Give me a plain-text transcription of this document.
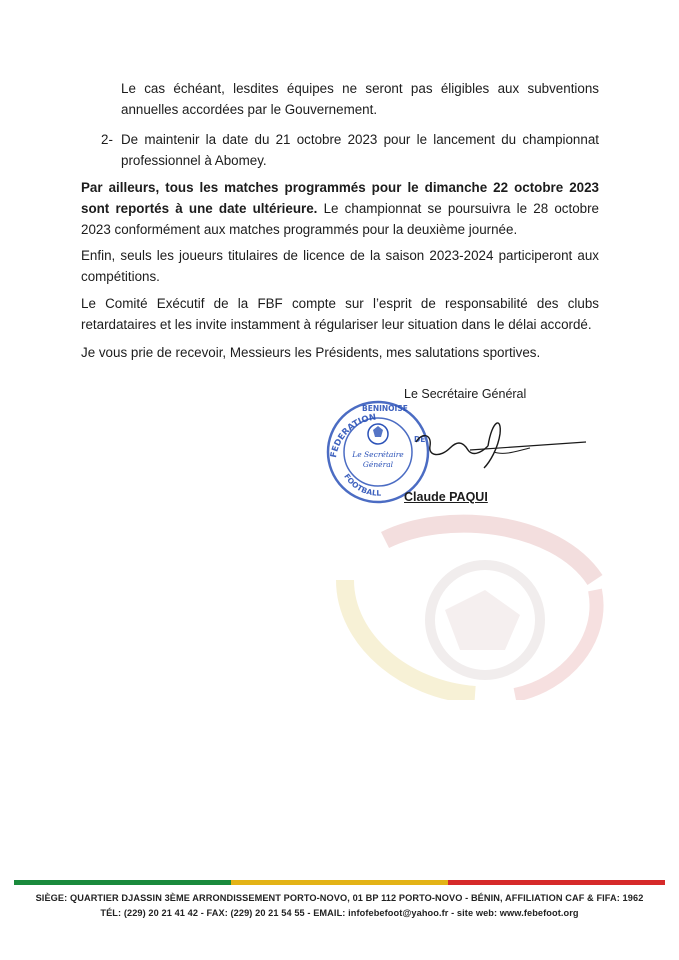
Le cas échéant, lesdites équipes ne seront pas éligibles aux subventions annuelles accordées par le Gouvernement.

2- De maintenir la date du 21 octobre 2023 pour le lancement du championnat professionnel à Abomey.

Par ailleurs, tous les matches programmés pour le dimanche 22 octobre 2023 sont reportés à une date ultérieure. Le championnat se poursuivra le 28 octobre 2023 conformément aux matches programmés pour la deuxième journée.

Enfin, seuls les joueurs titulaires de licence de la saison 2023-2024 participeront aux compétitions.

Le Comité Exécutif de la FBF compte sur l’esprit de responsabilité des clubs retardataires et les invite instamment à régulariser leur situation dans le délai accordé.

Je vous prie de recevoir, Messieurs les Présidents, mes salutations sportives.

Le Secrétaire Général
FEDERATION
BENINOISE
DE
FOOTBALL
Le Secrétaire
Général
Claude PAQUI
SIÈGE: QUARTIER DJASSIN 3ÈME ARRONDISSEMENT PORTO-NOVO, 01 BP 112 PORTO-NOVO - BÉNIN, AFFILIATION CAF & FIFA: 1962
TÉL: (229) 20 21 41 42 - FAX: (229) 20 21 54 55 - EMAIL: infofebefoot@yahoo.fr - site web: www.febefoot.org
